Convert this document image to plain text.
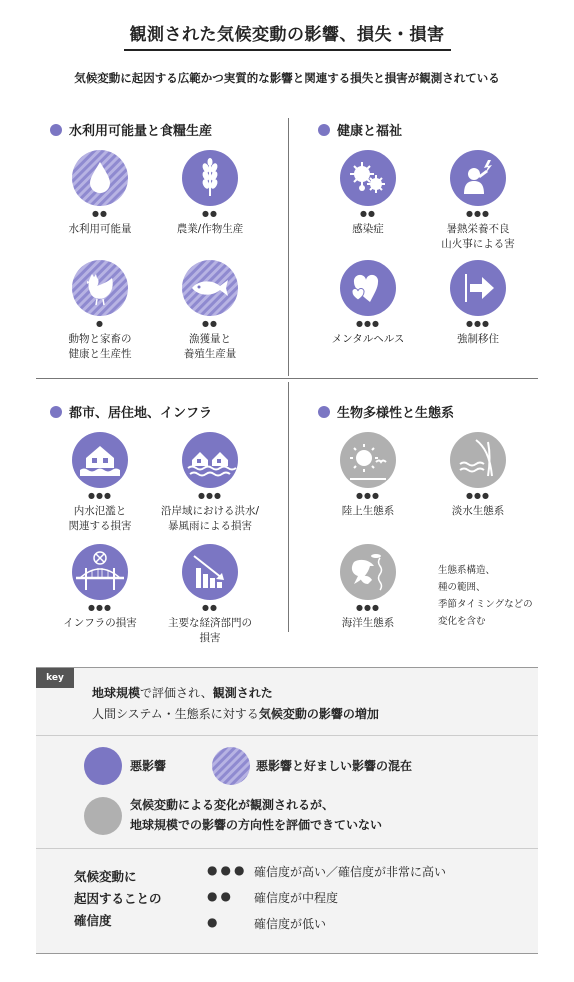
観測された気候変動の影響、損失・損害
気候変動に起因する広範かつ実質的な影響と関連する損失と損害が観測されている
水利用可能量と食糧生産
●●
水利用可能量
●●
農業/作物生産
●
動物と家畜の
健康と生産性
●●
漁獲量と
養殖生産量
健康と福祉
●●
感染症
●●●
暑熱栄養不良
山火事による害
●●●
メンタルヘルス
●●●
強制移住
都市、居住地、インフラ
●●●
内水氾濫と
関連する損害
●●●
沿岸域における洪水/
暴風雨による損害
●●●
インフラの損害
●●
主要な経済部門の
損害
生物多様性と生態系
●●●
陸上生態系
●●●
淡水生態系
●●●
海洋生態系
生態系構造、
種の範囲、
季節タイミングなどの
変化を含む
key
地球規模で評価され、観測された
人間システム・生態系に対する気候変動の影響の増加
悪影響	悪影響と好ましい影響の混在
気候変動による変化が観測されるが、
地球規模での影響の方向性を評価できていない
気候変動に
起因することの
確信度
●●● 確信度が高い／確信度が非常に高い
●● 確信度が中程度
●	確信度が低い
